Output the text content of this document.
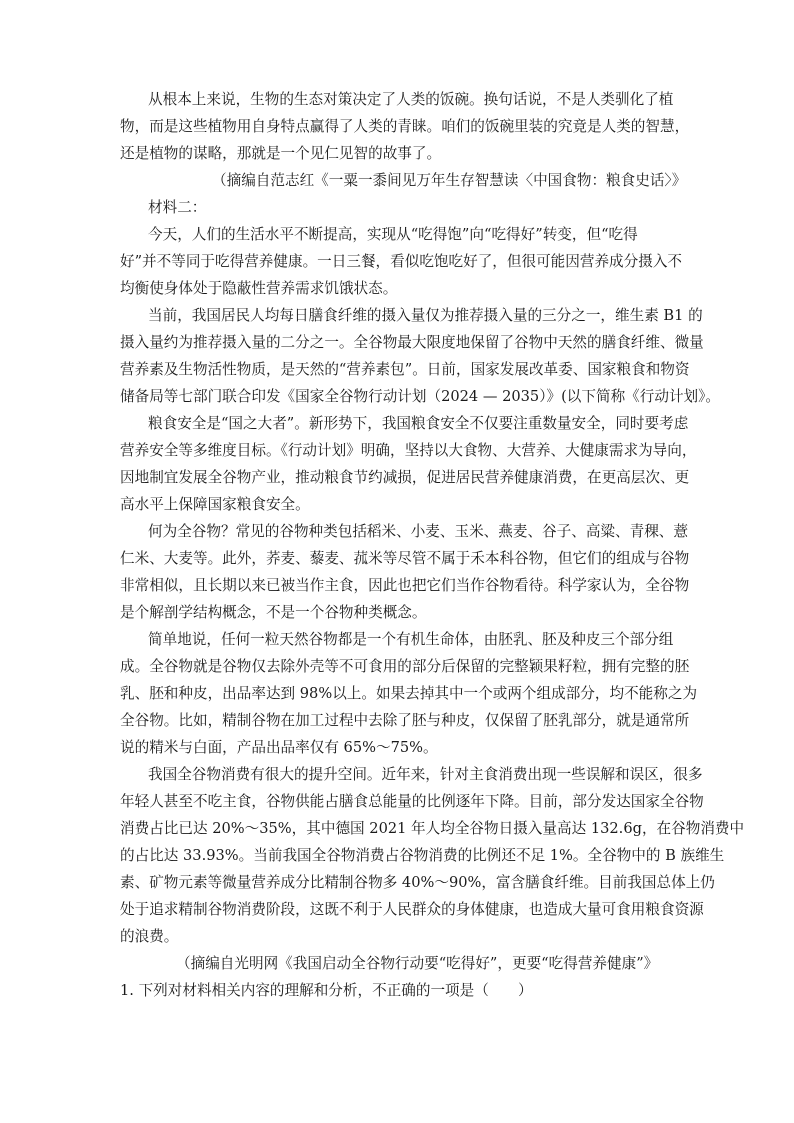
从根本上来说，生物的生态对策决定了人类的饭碗。换句话说，不是人类驯化了植
物，而是这些植物用自身特点赢得了人类的青睐。咱们的饭碗里装的究竟是人类的智慧，
还是植物的谋略，那就是一个见仁见智的故事了。
（摘编自范志红《一粟一黍间见万年生存智慧读〈中国食物：粮食史话〉》
材料二：
今天，人们的生活水平不断提高，实现从“吃得饱”向“吃得好”转变，但“吃得
好”并不等同于吃得营养健康。一日三餐，看似吃饱吃好了，但很可能因营养成分摄入不
均衡使身体处于隐蔽性营养需求饥饿状态。
当前，我国居民人均每日膳食纤维的摄入量仅为推荐摄入量的三分之一，维生素 B1 的
摄入量约为推荐摄入量的二分之一。全谷物最大限度地保留了谷物中天然的膳食纤维、微量
营养素及生物活性物质，是天然的“营养素包”。日前，国家发展改革委、国家粮食和物资
储备局等七部门联合印发《国家全谷物行动计划（2024 — 2035）》(以下简称《行动计划》。
粮食安全是“国之大者”。新形势下，我国粮食安全不仅要注重数量安全，同时要考虑
营养安全等多维度目标。《行动计划》明确，坚持以大食物、大营养、大健康需求为导向，
因地制宜发展全谷物产业，推动粮食节约减损，促进居民营养健康消费，在更高层次、更
高水平上保障国家粮食安全。
何为全谷物？常见的谷物种类包括稻米、小麦、玉米、燕麦、谷子、高粱、青稞、薏
仁米、大麦等。此外，荞麦、藜麦、菰米等尽管不属于禾本科谷物，但它们的组成与谷物
非常相似，且长期以来已被当作主食，因此也把它们当作谷物看待。科学家认为，全谷物
是个解剖学结构概念，不是一个谷物种类概念。
简单地说，任何一粒天然谷物都是一个有机生命体，由胚乳、胚及种皮三个部分组
成。全谷物就是谷物仅去除外壳等不可食用的部分后保留的完整颖果籽粒，拥有完整的胚
乳、胚和种皮，出品率达到 98%以上。如果去掉其中一个或两个组成部分，均不能称之为
全谷物。比如，精制谷物在加工过程中去除了胚与种皮，仅保留了胚乳部分，就是通常所
说的精米与白面，产品出品率仅有 65%～75%。
我国全谷物消费有很大的提升空间。近年来，针对主食消费出现一些误解和误区，很多
年轻人甚至不吃主食，谷物供能占膳食总能量的比例逐年下降。目前，部分发达国家全谷物
消费占比已达 20%～35%，其中德国 2021 年人均全谷物日摄入量高达 132.6g，在谷物消费中
的占比达 33.93%。当前我国全谷物消费占谷物消费的比例还不足 1%。全谷物中的 B 族维生
素、矿物元素等微量营养成分比精制谷物多 40%～90%，富含膳食纤维。目前我国总体上仍
处于追求精制谷物消费阶段，这既不利于人民群众的身体健康，也造成大量可食用粮食资源
的浪费。
（摘编自光明网《我国启动全谷物行动要“吃得好”，更要“吃得营养健康”》
1. 下列对材料相关内容的理解和分析，不正确的一项是（　　）
